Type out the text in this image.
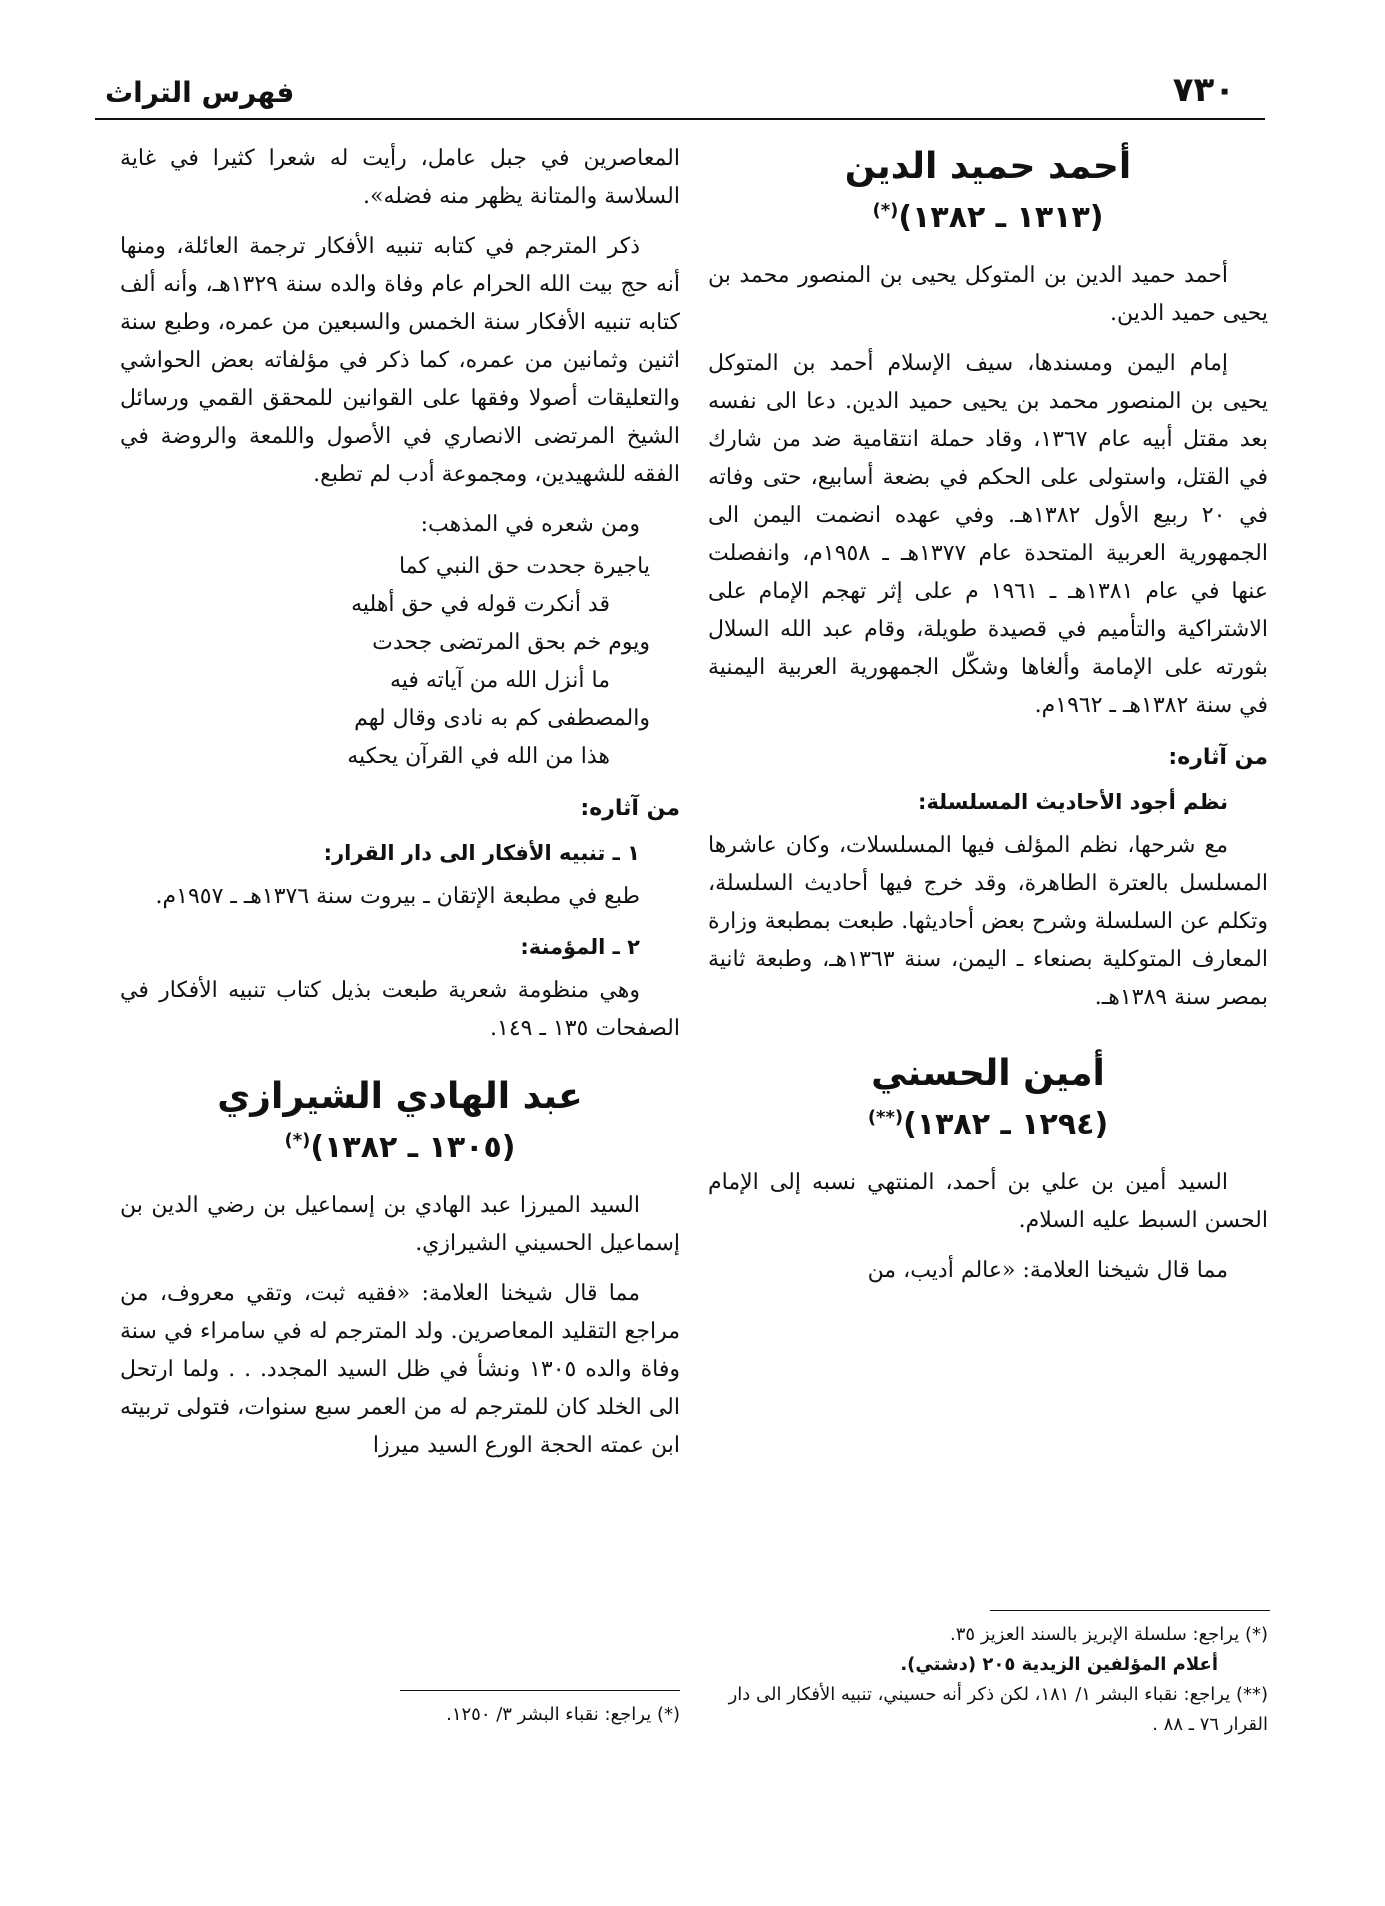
٧٣٠
فهرس التراث
أحمد حميد الدين
(١٣١٣ ـ ١٣٨٢)(*)

أحمد حميد الدين بن المتوكل يحيى بن المنصور محمد بن يحيى حميد الدين.

إمام اليمن ومسندها، سيف الإسلام أحمد بن المتوكل يحيى بن المنصور محمد بن يحيى حميد الدين. دعا الى نفسه بعد مقتل أبيه عام ١٣٦٧، وقاد حملة انتقامية ضد من شارك في القتل، واستولى على الحكم في بضعة أسابيع، حتى وفاته في ٢٠ ربيع الأول ١٣٨٢هـ. وفي عهده انضمت اليمن الى الجمهورية العربية المتحدة عام ١٣٧٧هـ ـ ١٩٥٨م، وانفصلت عنها في عام ١٣٨١هـ ـ ١٩٦١ م على إثر تهجم الإمام على الاشتراكية والتأميم في قصيدة طويلة، وقام عبد الله السلال بثورته على الإمامة وألغاها وشكّل الجمهورية العربية اليمنية في سنة ١٣٨٢هـ ـ ١٩٦٢م.

من آثاره:
نظم أجود الأحاديث المسلسلة:

مع شرحها، نظم المؤلف فيها المسلسلات، وكان عاشرها المسلسل بالعترة الطاهرة، وقد خرج فيها أحاديث السلسلة، وتكلم عن السلسلة وشرح بعض أحاديثها. طبعت بمطبعة وزارة المعارف المتوكلية بصنعاء ـ اليمن، سنة ١٣٦٣هـ، وطبعة ثانية بمصر سنة ١٣٨٩هـ.

أمين الحسني
(١٢٩٤ ـ ١٣٨٢)(**)

السيد أمين بن علي بن أحمد، المنتهي نسبه إلى الإمام الحسن السبط عليه السلام.

مما قال شيخنا العلامة: «عالم أديب، من

(*) يراجع: سلسلة الإبريز بالسند العزيز ٣٥.

أعلام المؤلفين الزيدية ٢٠٥ (دشتي).

(**) يراجع: نقباء البشر ١/ ١٨١، لكن ذكر أنه حسيني، تنبيه الأفكار الى دار القرار ٧٦ ـ ٨٨ .

المعاصرين في جبل عامل، رأيت له شعرا كثيرا في غاية السلاسة والمتانة يظهر منه فضله».

ذكر المترجم في كتابه تنبيه الأفكار ترجمة العائلة، ومنها أنه حج بيت الله الحرام عام وفاة والده سنة ١٣٢٩هـ، وأنه ألف كتابه تنبيه الأفكار سنة الخمس والسبعين من عمره، وطبع سنة اثنين وثمانين من عمره، كما ذكر في مؤلفاته بعض الحواشي والتعليقات أصولا وفقها على القوانين للمحقق القمي ورسائل الشيخ المرتضى الانصاري في الأصول واللمعة والروضة في الفقه للشهيدين، ومجموعة أدب لم تطبع.

ومن شعره في المذهب:

ياجيرة جحدت حق النبي كما
قد أنكرت قوله في حق أهليه
ويوم خم بحق المرتضى جحدت
ما أنزل الله من آياته فيه
والمصطفى كم به نادى وقال لهم
هذا من الله في القرآن يحكيه
من آثاره:
١ ـ تنبيه الأفكار الى دار القرار:

طبع في مطبعة الإتقان ـ بيروت سنة ١٣٧٦هـ ـ ١٩٥٧م.

٢ ـ المؤمنة:

وهي منظومة شعرية طبعت بذيل كتاب تنبيه الأفكار في الصفحات ١٣٥ ـ ١٤٩.

عبد الهادي الشيرازي
(١٣٠٥ ـ ١٣٨٢)(*)

السيد الميرزا عبد الهادي بن إسماعيل بن رضي الدين بن إسماعيل الحسيني الشيرازي.

مما قال شيخنا العلامة: «فقيه ثبت، وتقي معروف، من مراجع التقليد المعاصرين. ولد المترجم له في سامراء في سنة وفاة والده ١٣٠٥ ونشأ في ظل السيد المجدد. . . ولما ارتحل الى الخلد كان للمترجم له من العمر سبع سنوات، فتولى تربيته ابن عمته الحجة الورع السيد ميرزا

(*) يراجع: نقباء البشر ٣/ ١٢٥٠.
